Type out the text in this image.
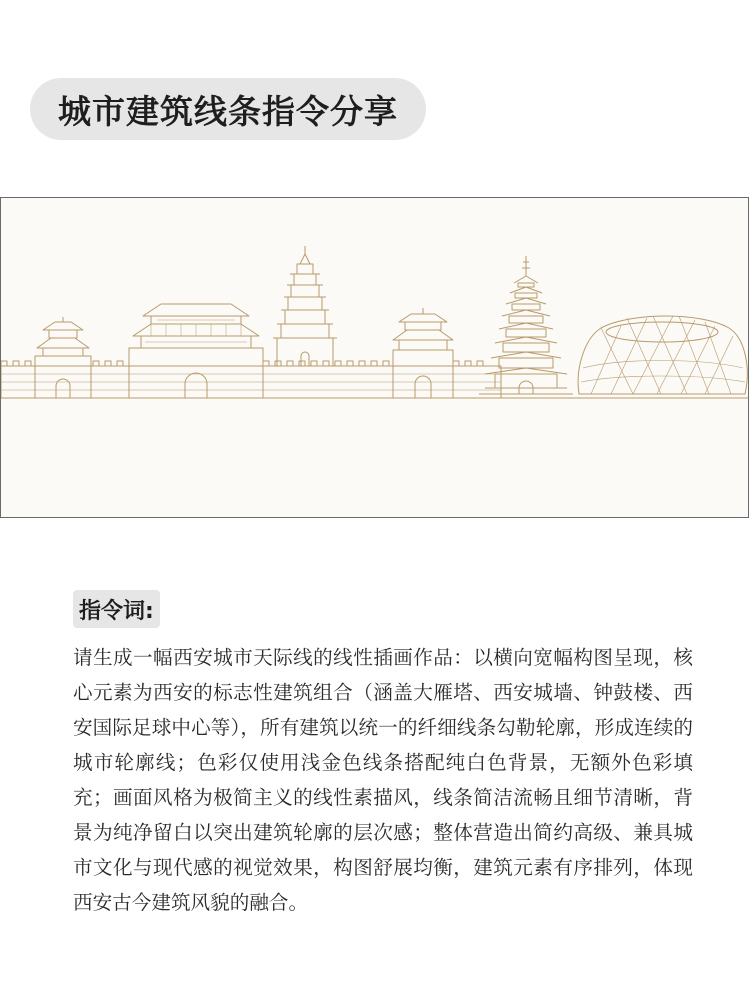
城市建筑线条指令分享
指令词:

请生成一幅西安城市天际线的线性插画作品：以横向宽幅构图呈现，核心元素为西安的标志性建筑组合（涵盖大雁塔、西安城墙、钟鼓楼、西安国际足球中心等），所有建筑以统一的纤细线条勾勒轮廓，形成连续的城市轮廓线；色彩仅使用浅金色线条搭配纯白色背景，无额外色彩填充；画面风格为极简主义的线性素描风，线条简洁流畅且细节清晰，背景为纯净留白以突出建筑轮廓的层次感；整体营造出简约高级、兼具城市文化与现代感的视觉效果，构图舒展均衡，建筑元素有序排列，体现西安古今建筑风貌的融合。
